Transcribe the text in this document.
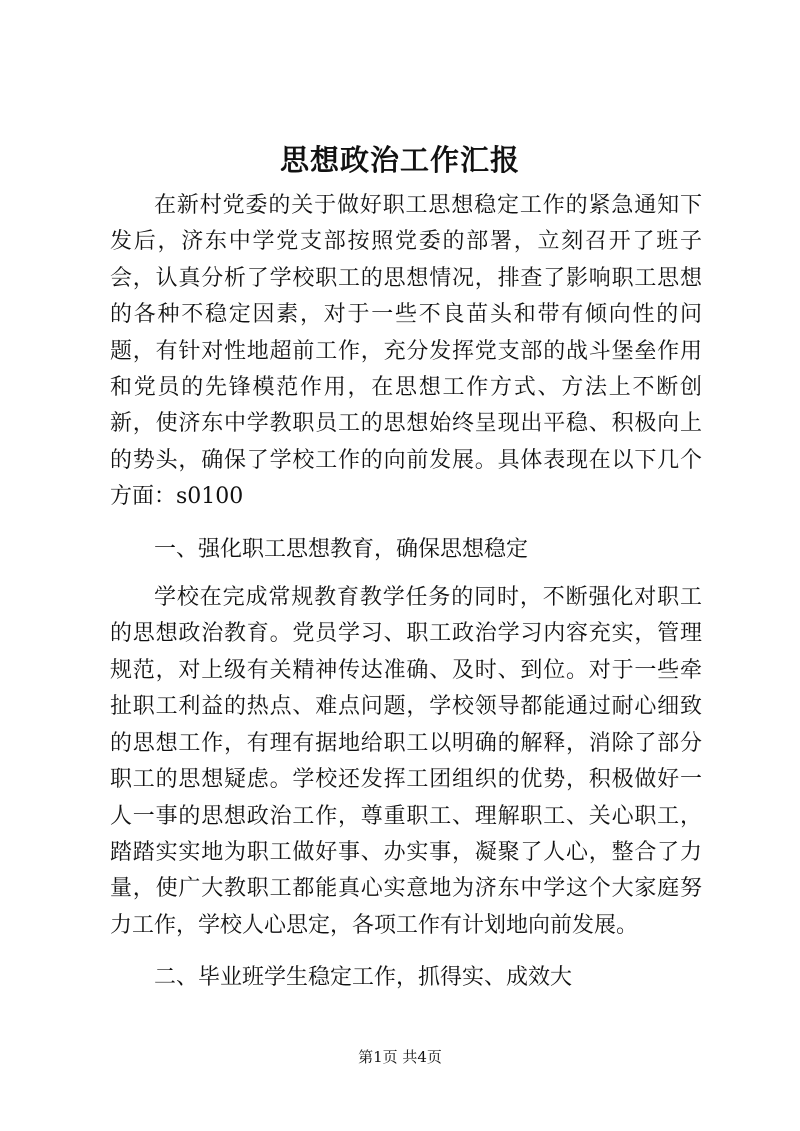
思想政治工作汇报

在新村党委的关于做好职工思想稳定工作的紧急通知下发后，济东中学党支部按照党委的部署，立刻召开了班子会，认真分析了学校职工的思想情况，排查了影响职工思想的各种不稳定因素，对于一些不良苗头和带有倾向性的问题，有针对性地超前工作，充分发挥党支部的战斗堡垒作用和党员的先锋模范作用，在思想工作方式、方法上不断创新，使济东中学教职员工的思想始终呈现出平稳、积极向上的势头，确保了学校工作的向前发展。具体表现在以下几个方面：s0100

一、强化职工思想教育，确保思想稳定

学校在完成常规教育教学任务的同时，不断强化对职工的思想政治教育。党员学习、职工政治学习内容充实，管理规范，对上级有关精神传达准确、及时、到位。对于一些牵扯职工利益的热点、难点问题，学校领导都能通过耐心细致的思想工作，有理有据地给职工以明确的解释，消除了部分职工的思想疑虑。学校还发挥工团组织的优势，积极做好一人一事的思想政治工作，尊重职工、理解职工、关心职工，踏踏实实地为职工做好事、办实事，凝聚了人心，整合了力量，使广大教职工都能真心实意地为济东中学这个大家庭努力工作，学校人心思定，各项工作有计划地向前发展。

二、毕业班学生稳定工作，抓得实、成效大

第1页 共4页
